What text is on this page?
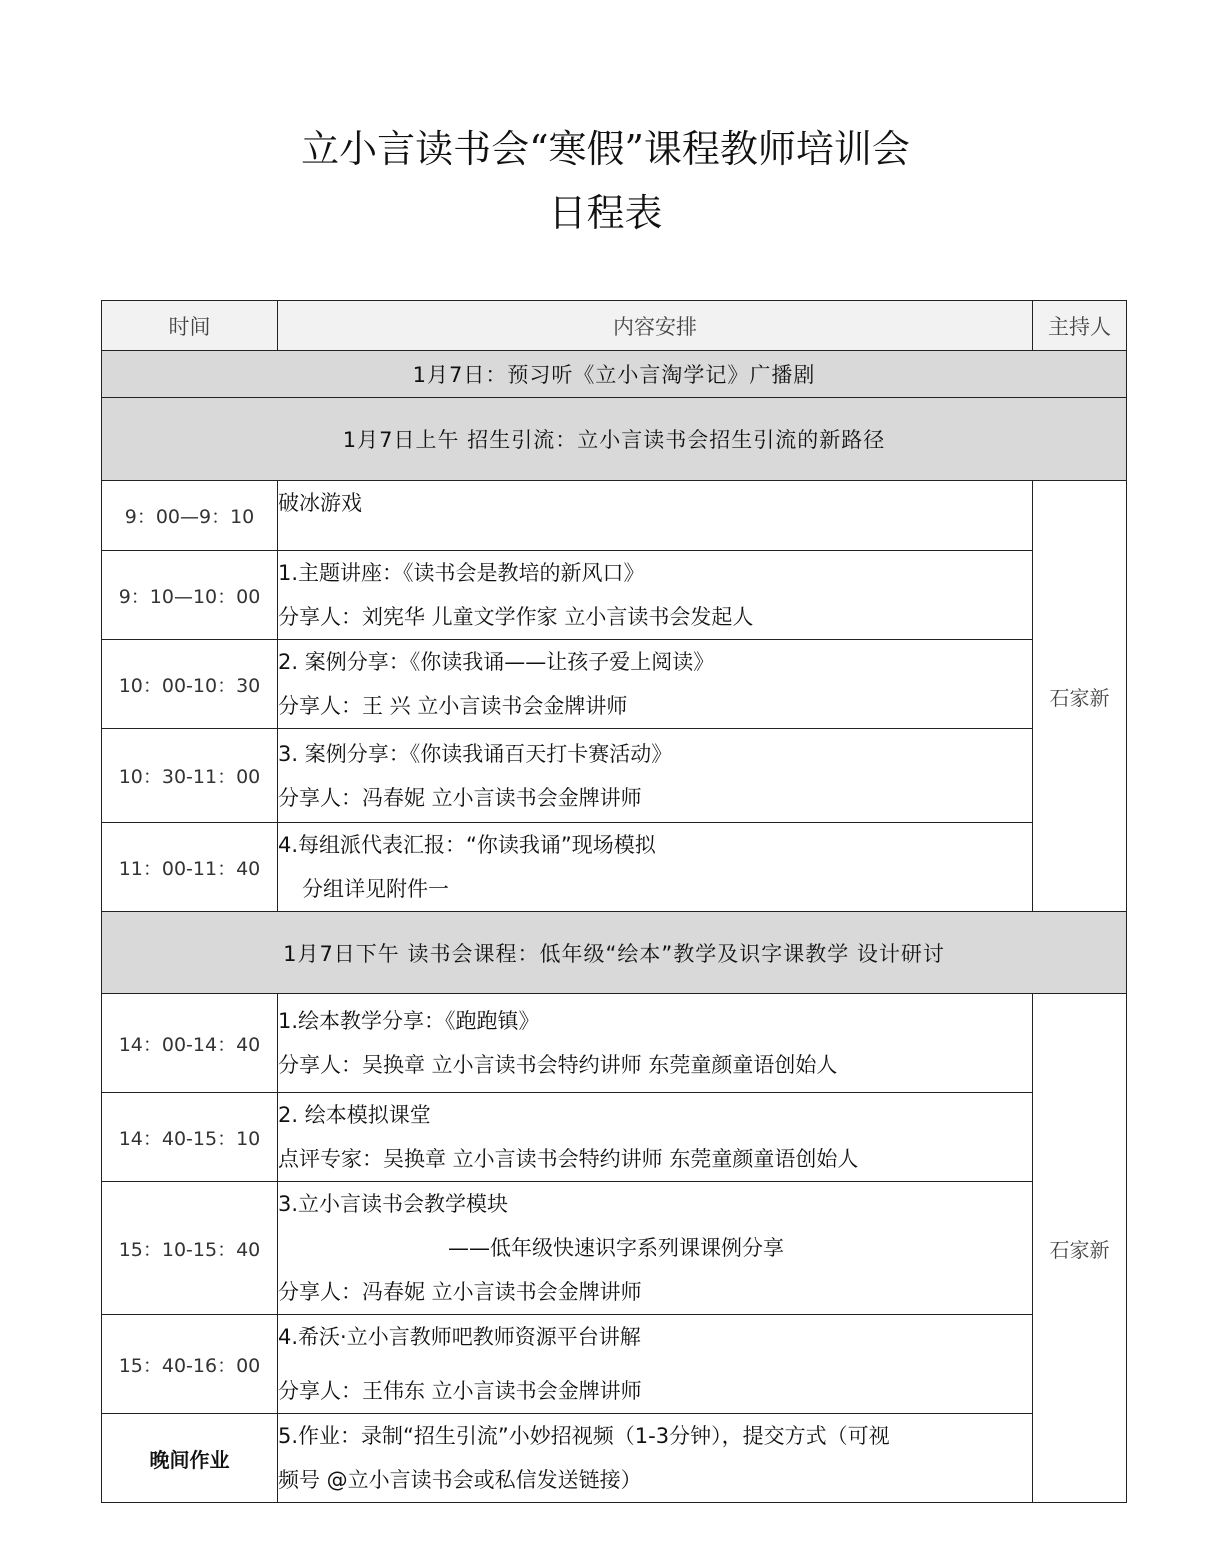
立小言读书会“寒假”课程教师培训会
日程表
时间	内容安排	主持人
1月7日：预习听《立小言淘学记》广播剧		
1月7日上午 招生引流：立小言读书会招生引流的新路径		
9：00—9：10	破冰游戏	石家新
9：10—10：00	1.主题讲座：《读书会是教培的新风口》
分享人：刘宪华 儿童文学作家 立小言读书会发起人	

10：00-10：30	2. 案例分享：《你读我诵——让孩子爱上阅读》
分享人：王 兴 立小言读书会金牌讲师	

10：30-11：00	3. 案例分享：《你读我诵百天打卡赛活动》
分享人：冯春妮 立小言读书会金牌讲师	

11：00-11：40	4.每组派代表汇报：“你读我诵”现场模拟
分组详见附件一	

1月7日下午 读书会课程：低年级“绘本”教学及识字课教学 设计研讨		
14：00-14：40	1.绘本教学分享：《跑跑镇》
分享人：吴换章 立小言读书会特约讲师 东莞童颜童语创始人	石家新
14：40-15：10	2. 绘本模拟课堂
点评专家：吴换章 立小言读书会特约讲师 东莞童颜童语创始人	

15：10-15：40	3.立小言读书会教学模块
——低年级快速识字系列课课例分享
分享人：冯春妮 立小言读书会金牌讲师	

15：40-16：00	4.希沃·立小言教师吧教师资源平台讲解
分享人：王伟东 立小言读书会金牌讲师	

晚间作业	5.作业：录制“招生引流”小妙招视频（1-3分钟），提交方式（可视
频号 @立小言读书会或私信发送链接）	
